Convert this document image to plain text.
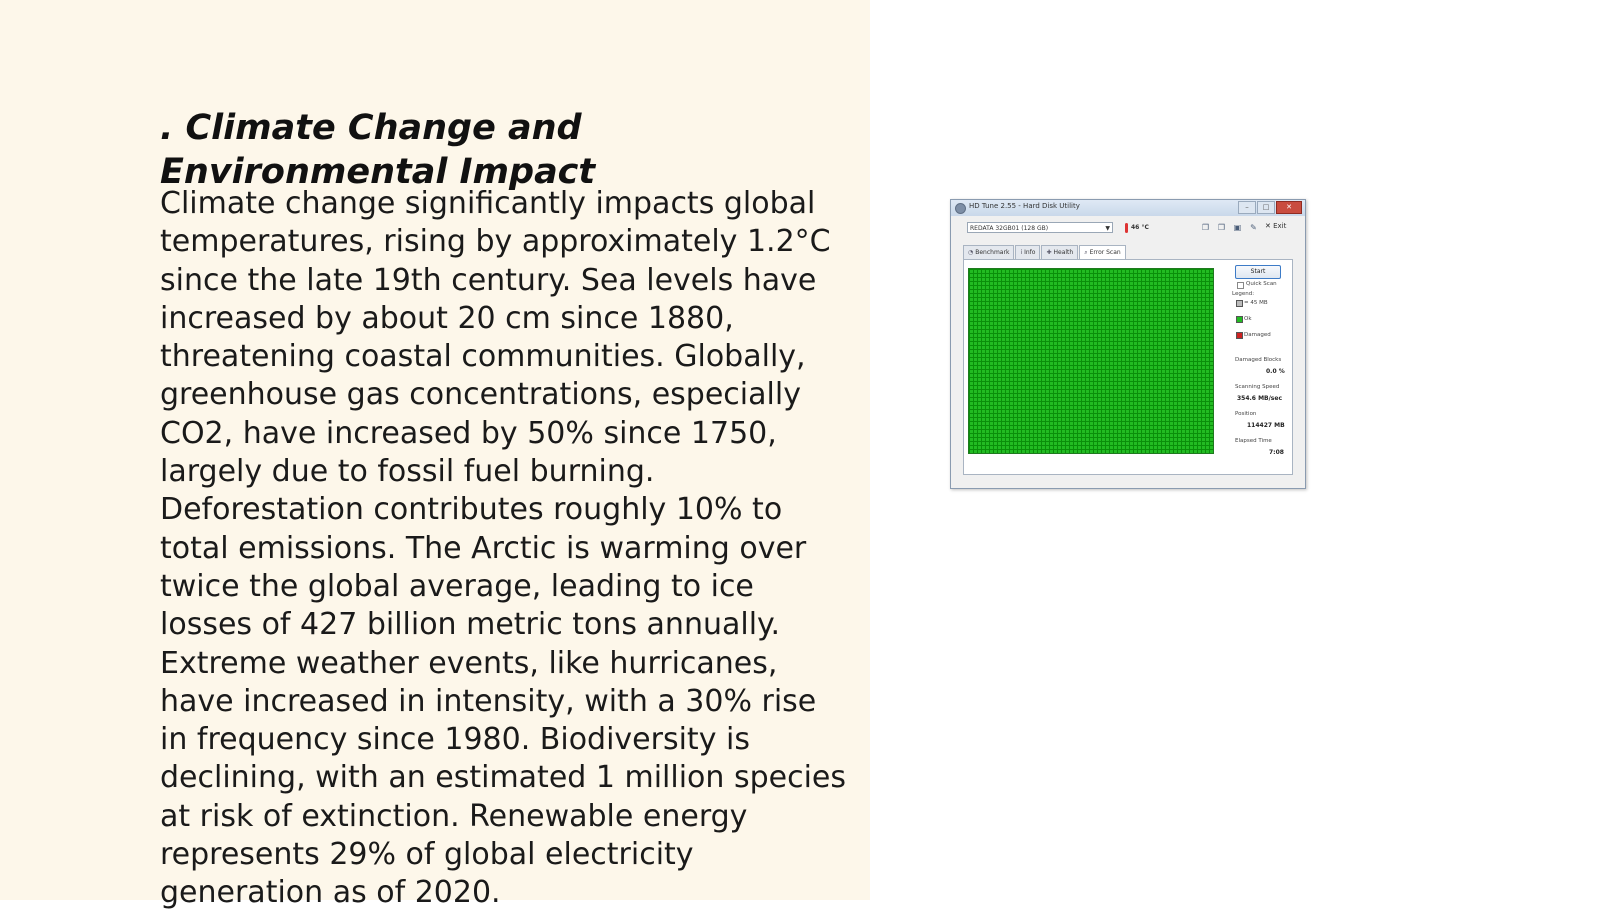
. Climate Change and Environmental Impact

Climate change significantly impacts global temperatures, rising by approximately 1.2°C since the late 19th century. Sea levels have increased by about 20 cm since 1880, threatening coastal communities. Globally, greenhouse gas concentrations, especially CO2, have increased by 50% since 1750, largely due to fossil fuel burning. Deforestation contributes roughly 10% to total emissions. The Arctic is warming over twice the global average, leading to ice losses of 427 billion metric tons annually. Extreme weather events, like hurricanes, have increased in intensity, with a 30% rise in frequency since 1980. Biodiversity is declining, with an estimated 1 million species at risk of extinction. Renewable energy represents 29% of global electricity generation as of 2020.

HD Tune 2.55 - Hard Disk Utility	–	□	✕
REDATA 32GB01 (128 GB)	▼	46 °C	❐ ❐ ▣ ✎ ✕ Exit
◔ Benchmark	ⅰ Info	✚ Health	⌕ Error Scan
Start
Quick Scan
Legend:
= 45 MB
Ok
Damaged
Damaged Blocks
0.0 %
Scanning Speed
354.6 MB/sec
Position
114427 MB
Elapsed Time
7:08
